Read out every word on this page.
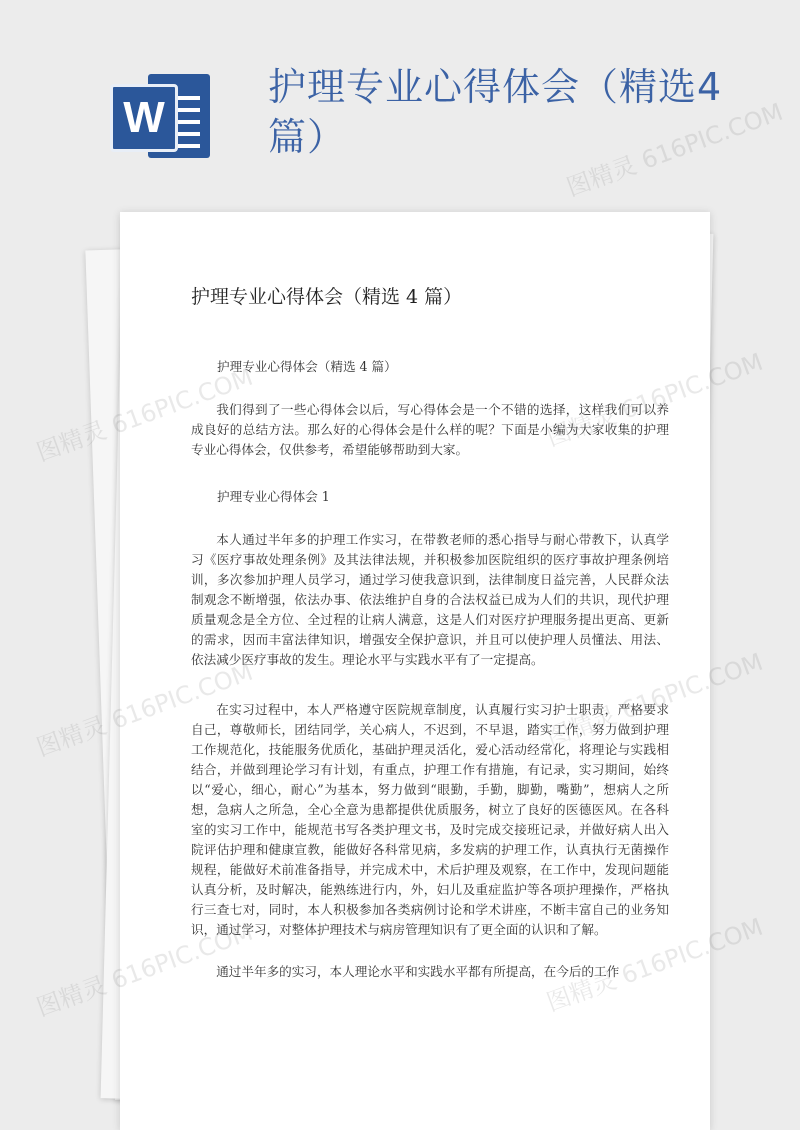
W
护理专业心得体会（精选4篇）
护理专业心得体会（精选 4 篇）

护理专业心得体会（精选 4 篇）

我们得到了一些心得体会以后，写心得体会是一个不错的选择，这样我们可以养成良好的总结方法。那么好的心得体会是什么样的呢？下面是小编为大家收集的护理专业心得体会，仅供参考，希望能够帮助到大家。

护理专业心得体会 1

本人通过半年多的护理工作实习，在带教老师的悉心指导与耐心带教下，认真学习《医疗事故处理条例》及其法律法规，并积极参加医院组织的医疗事故护理条例培训，多次参加护理人员学习，通过学习使我意识到，法律制度日益完善，人民群众法制观念不断增强，依法办事、依法维护自身的合法权益已成为人们的共识，现代护理质量观念是全方位、全过程的让病人满意，这是人们对医疗护理服务提出更高、更新的需求，因而丰富法律知识，增强安全保护意识，并且可以使护理人员懂法、用法、依法减少医疗事故的发生。理论水平与实践水平有了一定提高。

在实习过程中，本人严格遵守医院规章制度，认真履行实习护士职责，严格要求自己，尊敬师长，团结同学，关心病人，不迟到，不早退，踏实工作，努力做到护理工作规范化，技能服务优质化，基础护理灵活化，爱心活动经常化，将理论与实践相结合，并做到理论学习有计划，有重点，护理工作有措施，有记录，实习期间，始终以“爱心，细心，耐心”为基本，努力做到“眼勤，手勤，脚勤，嘴勤”，想病人之所想，急病人之所急，全心全意为患都提供优质服务，树立了良好的医德医风。在各科室的实习工作中，能规范书写各类护理文书，及时完成交接班记录，并做好病人出入院评估护理和健康宣教，能做好各科常见病，多发病的护理工作，认真执行无菌操作规程，能做好术前准备指导，并完成术中，术后护理及观察，在工作中，发现问题能认真分析，及时解决，能熟练进行内，外，妇儿及重症监护等各项护理操作，严格执行三查七对，同时，本人积极参加各类病例讨论和学术讲座，不断丰富自己的业务知识，通过学习，对整体护理技术与病房管理知识有了更全面的认识和了解。

通过半年多的实习，本人理论水平和实践水平都有所提高，在今后的工作

图精灵 616PIC.COM
图精灵
图精灵
图精灵
